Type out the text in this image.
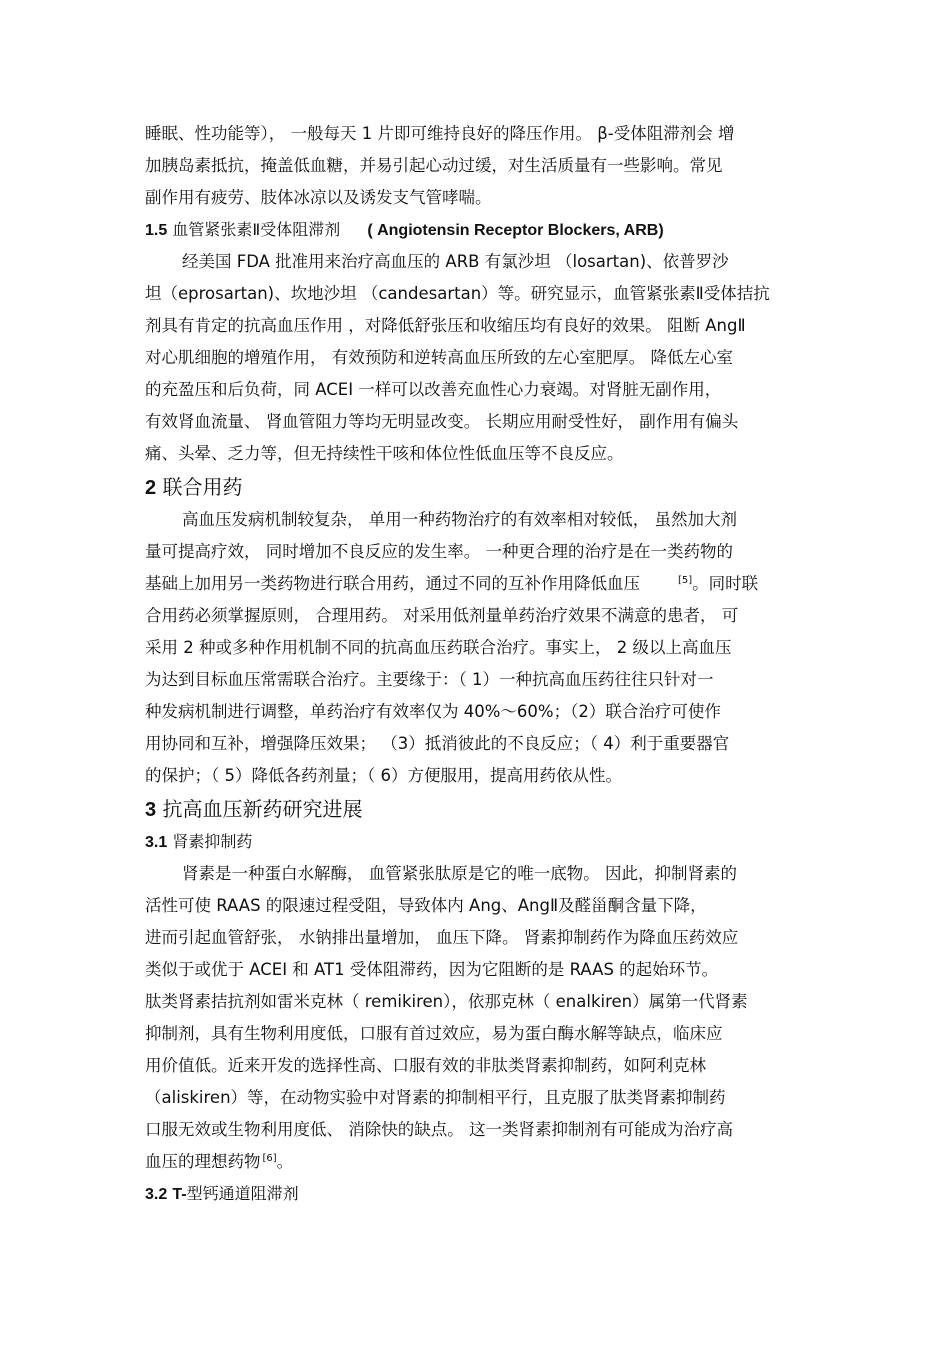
睡眠、性功能等）， 一般每天 1 片即可维持良好的降压作用。 β-受体阻滞剂会 增
加胰岛素抵抗，掩盖低血糖，并易引起心动过缓，对生活质量有一些影响。常见
副作用有疲劳、肢体冰凉以及诱发支气管哮喘。
1.5 血管紧张素Ⅱ受体阻滞剂 ( Angiotensin Receptor Blockers, ARB)
经美国 FDA 批准用来治疗高血压的 ARB 有氯沙坦 （losartan)、依普罗沙
坦（eprosartan)、坎地沙坦 （candesartan）等。研究显示，血管紧张素Ⅱ受体拮抗
剂具有肯定的抗高血压作用 ，对降低舒张压和收缩压均有良好的效果。 阻断 AngⅡ
对心肌细胞的增殖作用， 有效预防和逆转高血压所致的左心室肥厚。 降低左心室
的充盈压和后负荷，同 ACEI 一样可以改善充血性心力衰竭。对肾脏无副作用，
有效肾血流量、 肾血管阻力等均无明显改变。 长期应用耐受性好， 副作用有偏头
痛、头晕、乏力等，但无持续性干咳和体位性低血压等不良反应。
2 联合用药
高血压发病机制较复杂， 单用一种药物治疗的有效率相对较低， 虽然加大剂
量可提高疗效， 同时增加不良反应的发生率。 一种更合理的治疗是在一类药物的
基础上加用另一类药物进行联合用药，通过不同的互补作用降低血压	[5]。同时联
合用药必须掌握原则， 合理用药。 对采用低剂量单药治疗效果不满意的患者， 可
采用 2 种或多种作用机制不同的抗高血压药联合治疗。事实上， 2 级以上高血压
为达到目标血压常需联合治疗。主要缘于：（ 1）一种抗高血压药往往只针对一
种发病机制进行调整，单药治疗有效率仅为 40%～60%；（2）联合治疗可使作
用协同和互补，增强降压效果； （3）抵消彼此的不良反应；（ 4）利于重要器官
的保护；（ 5）降低各药剂量；（ 6）方便服用，提高用药依从性。
3 抗高血压新药研究进展
3.1 肾素抑制药
肾素是一种蛋白水解酶， 血管紧张肽原是它的唯一底物。 因此，抑制肾素的
活性可使 RAAS 的限速过程受阻，导致体内 Ang、AngⅡ及醛甾酮含量下降，
进而引起血管舒张， 水钠排出量增加， 血压下降。 肾素抑制药作为降血压药效应
类似于或优于 ACEI 和 AT1 受体阻滞药，因为它阻断的是 RAAS 的起始环节。
肽类肾素拮抗剂如雷米克林（ remikiren），依那克林（ enalkiren）属第一代肾素
抑制剂，具有生物利用度低，口服有首过效应，易为蛋白酶水解等缺点，临床应
用价值低。近来开发的选择性高、口服有效的非肽类肾素抑制药，如阿利克林
（aliskiren）等，在动物实验中对肾素的抑制相平行，且克服了肽类肾素抑制药
口服无效或生物利用度低、 消除快的缺点。 这一类肾素抑制剂有可能成为治疗高
血压的理想药物 [6]。
3.2 T-型钙通道阻滞剂
